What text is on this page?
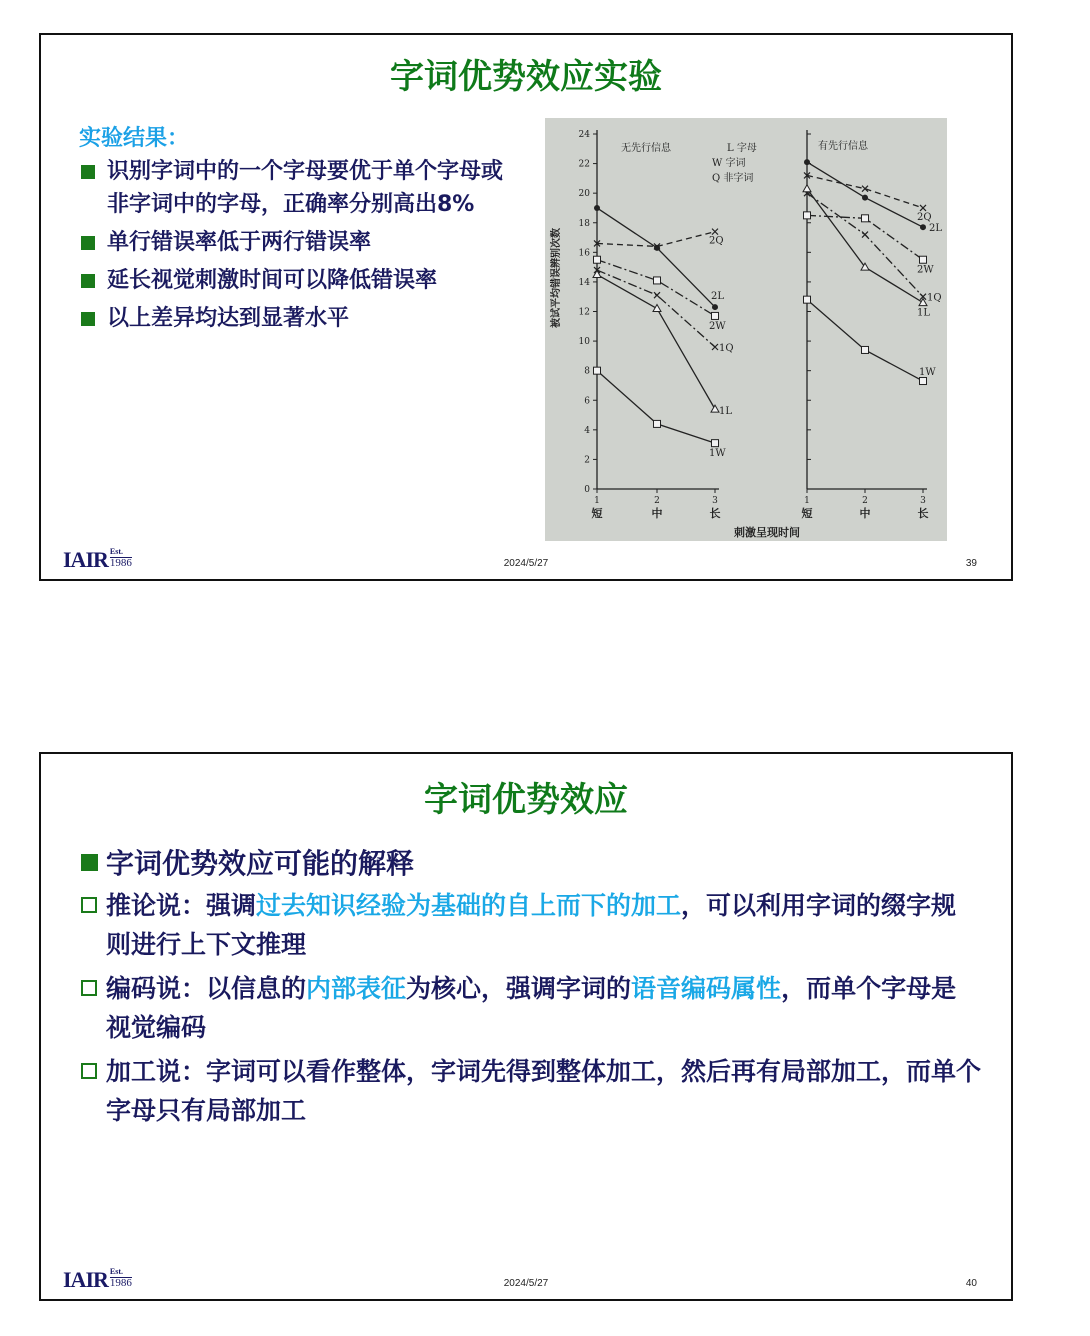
字词优势效应实验
实验结果：
识别字词中的一个字母要优于单个字母或非字词中的字母，正确率分别高出8%
单行错误率低于两行错误率
延长视觉刺激时间可以降低错误率
以上差异均达到显著水平	被试平均错误辨别次数
刺激呈现时间
L 字母
W 字词
Q 非字词
无先行信息	有先行信息
0
2
4
6
8
10
12
14
16
18
20
22
24
1
短
2
中
3
长
2Q
2L
2W
1Q
1L
1W
1
短
2
中
3
长
2Q
2L
2W
1Q
1L
1W
IAIR Est.
1986	2024/5/27	39
字词优势效应
字词优势效应可能的解释
推论说：强调过去知识经验为基础的自上而下的加工，可以利用字词的缀字规则进行上下文推理
编码说：以信息的内部表征为核心，强调字词的语音编码属性，而单个字母是视觉编码
加工说：字词可以看作整体，字词先得到整体加工，然后再有局部加工，而单个字母只有局部加工
IAIR Est.
1986	2024/5/27	40
